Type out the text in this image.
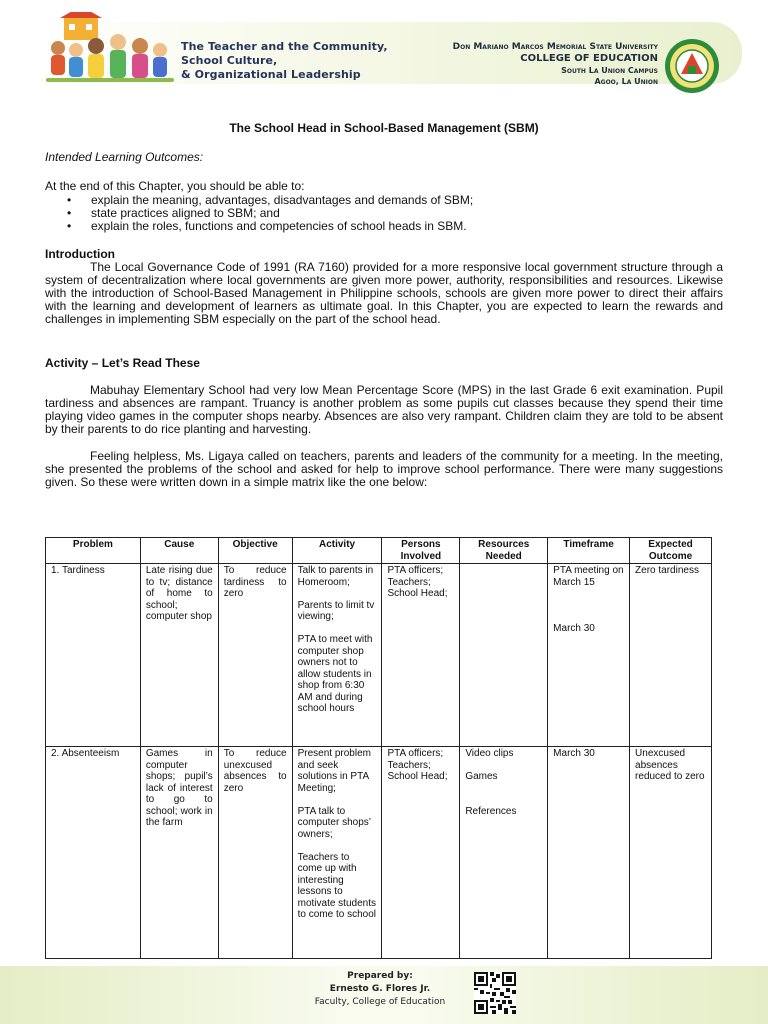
The Teacher and the Community,
School Culture,
& Organizational Leadership
Don Mariano Marcos Memorial State University
COLLEGE OF EDUCATION
South La Union Campus
Agoo, La Union
The School Head in School-Based Management (SBM)
Intended Learning Outcomes:
At the end of this Chapter, you should be able to:
• explain the meaning, advantages, disadvantages and demands of SBM;
• state practices aligned to SBM; and
• explain the roles, functions and competencies of school heads in SBM.
Introduction

The Local Governance Code of 1991 (RA 7160) provided for a more responsive local government structure through a system of decentralization where local governments are given more power, authority, responsibilities and resources. Likewise with the introduction of School-Based Management in Philippine schools, schools are given more power to direct their affairs with the learning and development of learners as ultimate goal. In this Chapter, you are expected to learn the rewards and challenges in implementing SBM especially on the part of the school head.

Activity – Let’s Read These

Mabuhay Elementary School had very low Mean Percentage Score (MPS) in the last Grade 6 exit examination. Pupil tardiness and absences are rampant. Truancy is another problem as some pupils cut classes because they spend their time playing video games in the computer shops nearby. Absences are also very rampant. Children claim they are told to be absent by their parents to do rice planting and harvesting.

Feeling helpless, Ms. Ligaya called on teachers, parents and leaders of the community for a meeting. In the meeting, she presented the problems of the school and asked for help to improve school performance. There were many suggestions given. So these were written down in a simple matrix like the one below:

Problem	Cause	Objective	Activity	Persons Involved	Resources Needed	Timeframe	Expected Outcome
1. Tardiness	Late rising due to tv; distance of home to school; computer shop	To reduce tardiness to zero	Talk to parents in Homeroom;
Parents to limit tv viewing;
PTA to meet with computer shop owners not to allow students in shop from 6:30 AM and during school hours	PTA officers; Teachers; School Head;		PTA meeting on March 15
March 30	Zero tardiness
2. Absenteeism	Games in computer shops; pupil’s lack of interest to go to school; work in the farm	To reduce unexcused absences to zero	Present problem and seek solutions in PTA Meeting;
PTA talk to computer shops’ owners;
Teachers to come up with interesting lessons to motivate students to come to school	PTA officers; Teachers; School Head;	Video clips
Games
References	March 30	Unexcused absences reduced to zero
Prepared by:
Ernesto G. Flores Jr.
Faculty, College of Education
